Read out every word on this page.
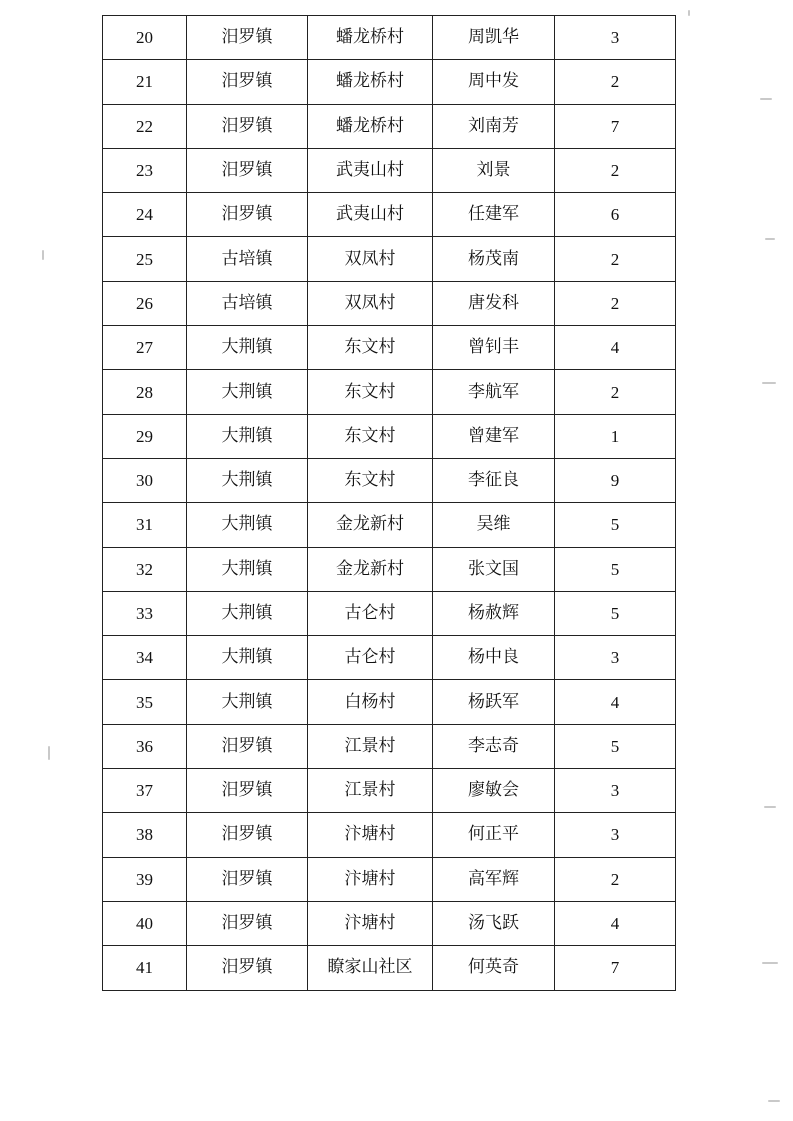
20	汨罗镇	蟠龙桥村	周凯华	3
21	汨罗镇	蟠龙桥村	周中发	2
22	汨罗镇	蟠龙桥村	刘南芳	7
23	汨罗镇	武夷山村	刘景	2
24	汨罗镇	武夷山村	任建军	6
25	古培镇	双凤村	杨茂南	2
26	古培镇	双凤村	唐发科	2
27	大荆镇	东文村	曾钊丰	4
28	大荆镇	东文村	李航军	2
29	大荆镇	东文村	曾建军	1
30	大荆镇	东文村	李征良	9
31	大荆镇	金龙新村	吴维	5
32	大荆镇	金龙新村	张文国	5
33	大荆镇	古仑村	杨赦辉	5
34	大荆镇	古仑村	杨中良	3
35	大荆镇	白杨村	杨跃军	4
36	汨罗镇	江景村	李志奇	5
37	汨罗镇	江景村	廖敏会	3
38	汨罗镇	汴塘村	何正平	3
39	汨罗镇	汴塘村	高军辉	2
40	汨罗镇	汴塘村	汤飞跃	4
41	汨罗镇	瞭家山社区	何英奇	7
